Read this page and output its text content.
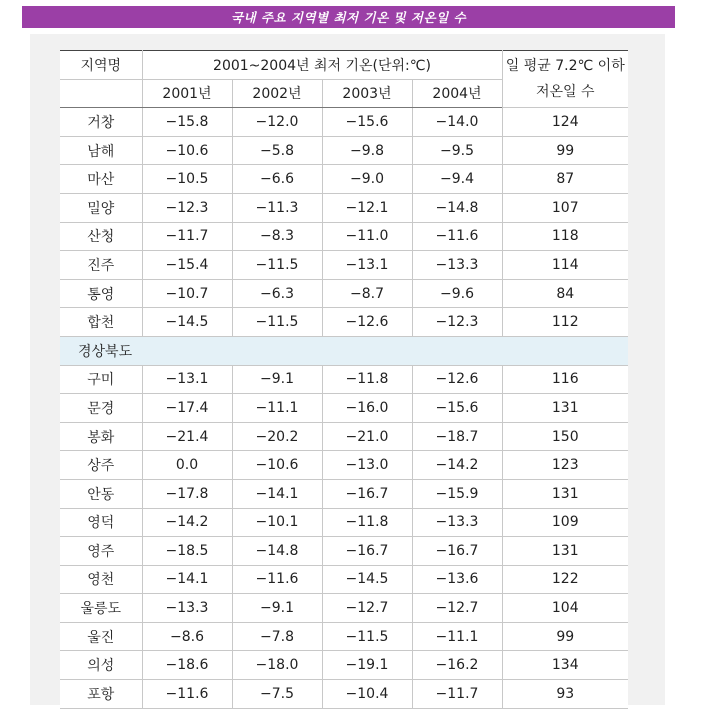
국내 주요 지역별 최저 기온 및 저온일 수
지역명	2001~2004년 최저 기온(단위:℃)				일 평균 7.2℃ 이하
저온일 수
	2001년	2002년	2003년	2004년	
거창	−15.8	−12.0	−15.6	−14.0	124
남해	−10.6	−5.8	−9.8	−9.5	99
마산	−10.5	−6.6	−9.0	−9.4	87
밀양	−12.3	−11.3	−12.1	−14.8	107
산청	−11.7	−8.3	−11.0	−11.6	118
진주	−15.4	−11.5	−13.1	−13.3	114
통영	−10.7	−6.3	−8.7	−9.6	84
합천	−14.5	−11.5	−12.6	−12.3	112
경상북도					
구미	−13.1	−9.1	−11.8	−12.6	116
문경	−17.4	−11.1	−16.0	−15.6	131
봉화	−21.4	−20.2	−21.0	−18.7	150
상주	0.0	−10.6	−13.0	−14.2	123
안동	−17.8	−14.1	−16.7	−15.9	131
영덕	−14.2	−10.1	−11.8	−13.3	109
영주	−18.5	−14.8	−16.7	−16.7	131
영천	−14.1	−11.6	−14.5	−13.6	122
울릉도	−13.3	−9.1	−12.7	−12.7	104
울진	−8.6	−7.8	−11.5	−11.1	99
의성	−18.6	−18.0	−19.1	−16.2	134
포항	−11.6	−7.5	−10.4	−11.7	93
